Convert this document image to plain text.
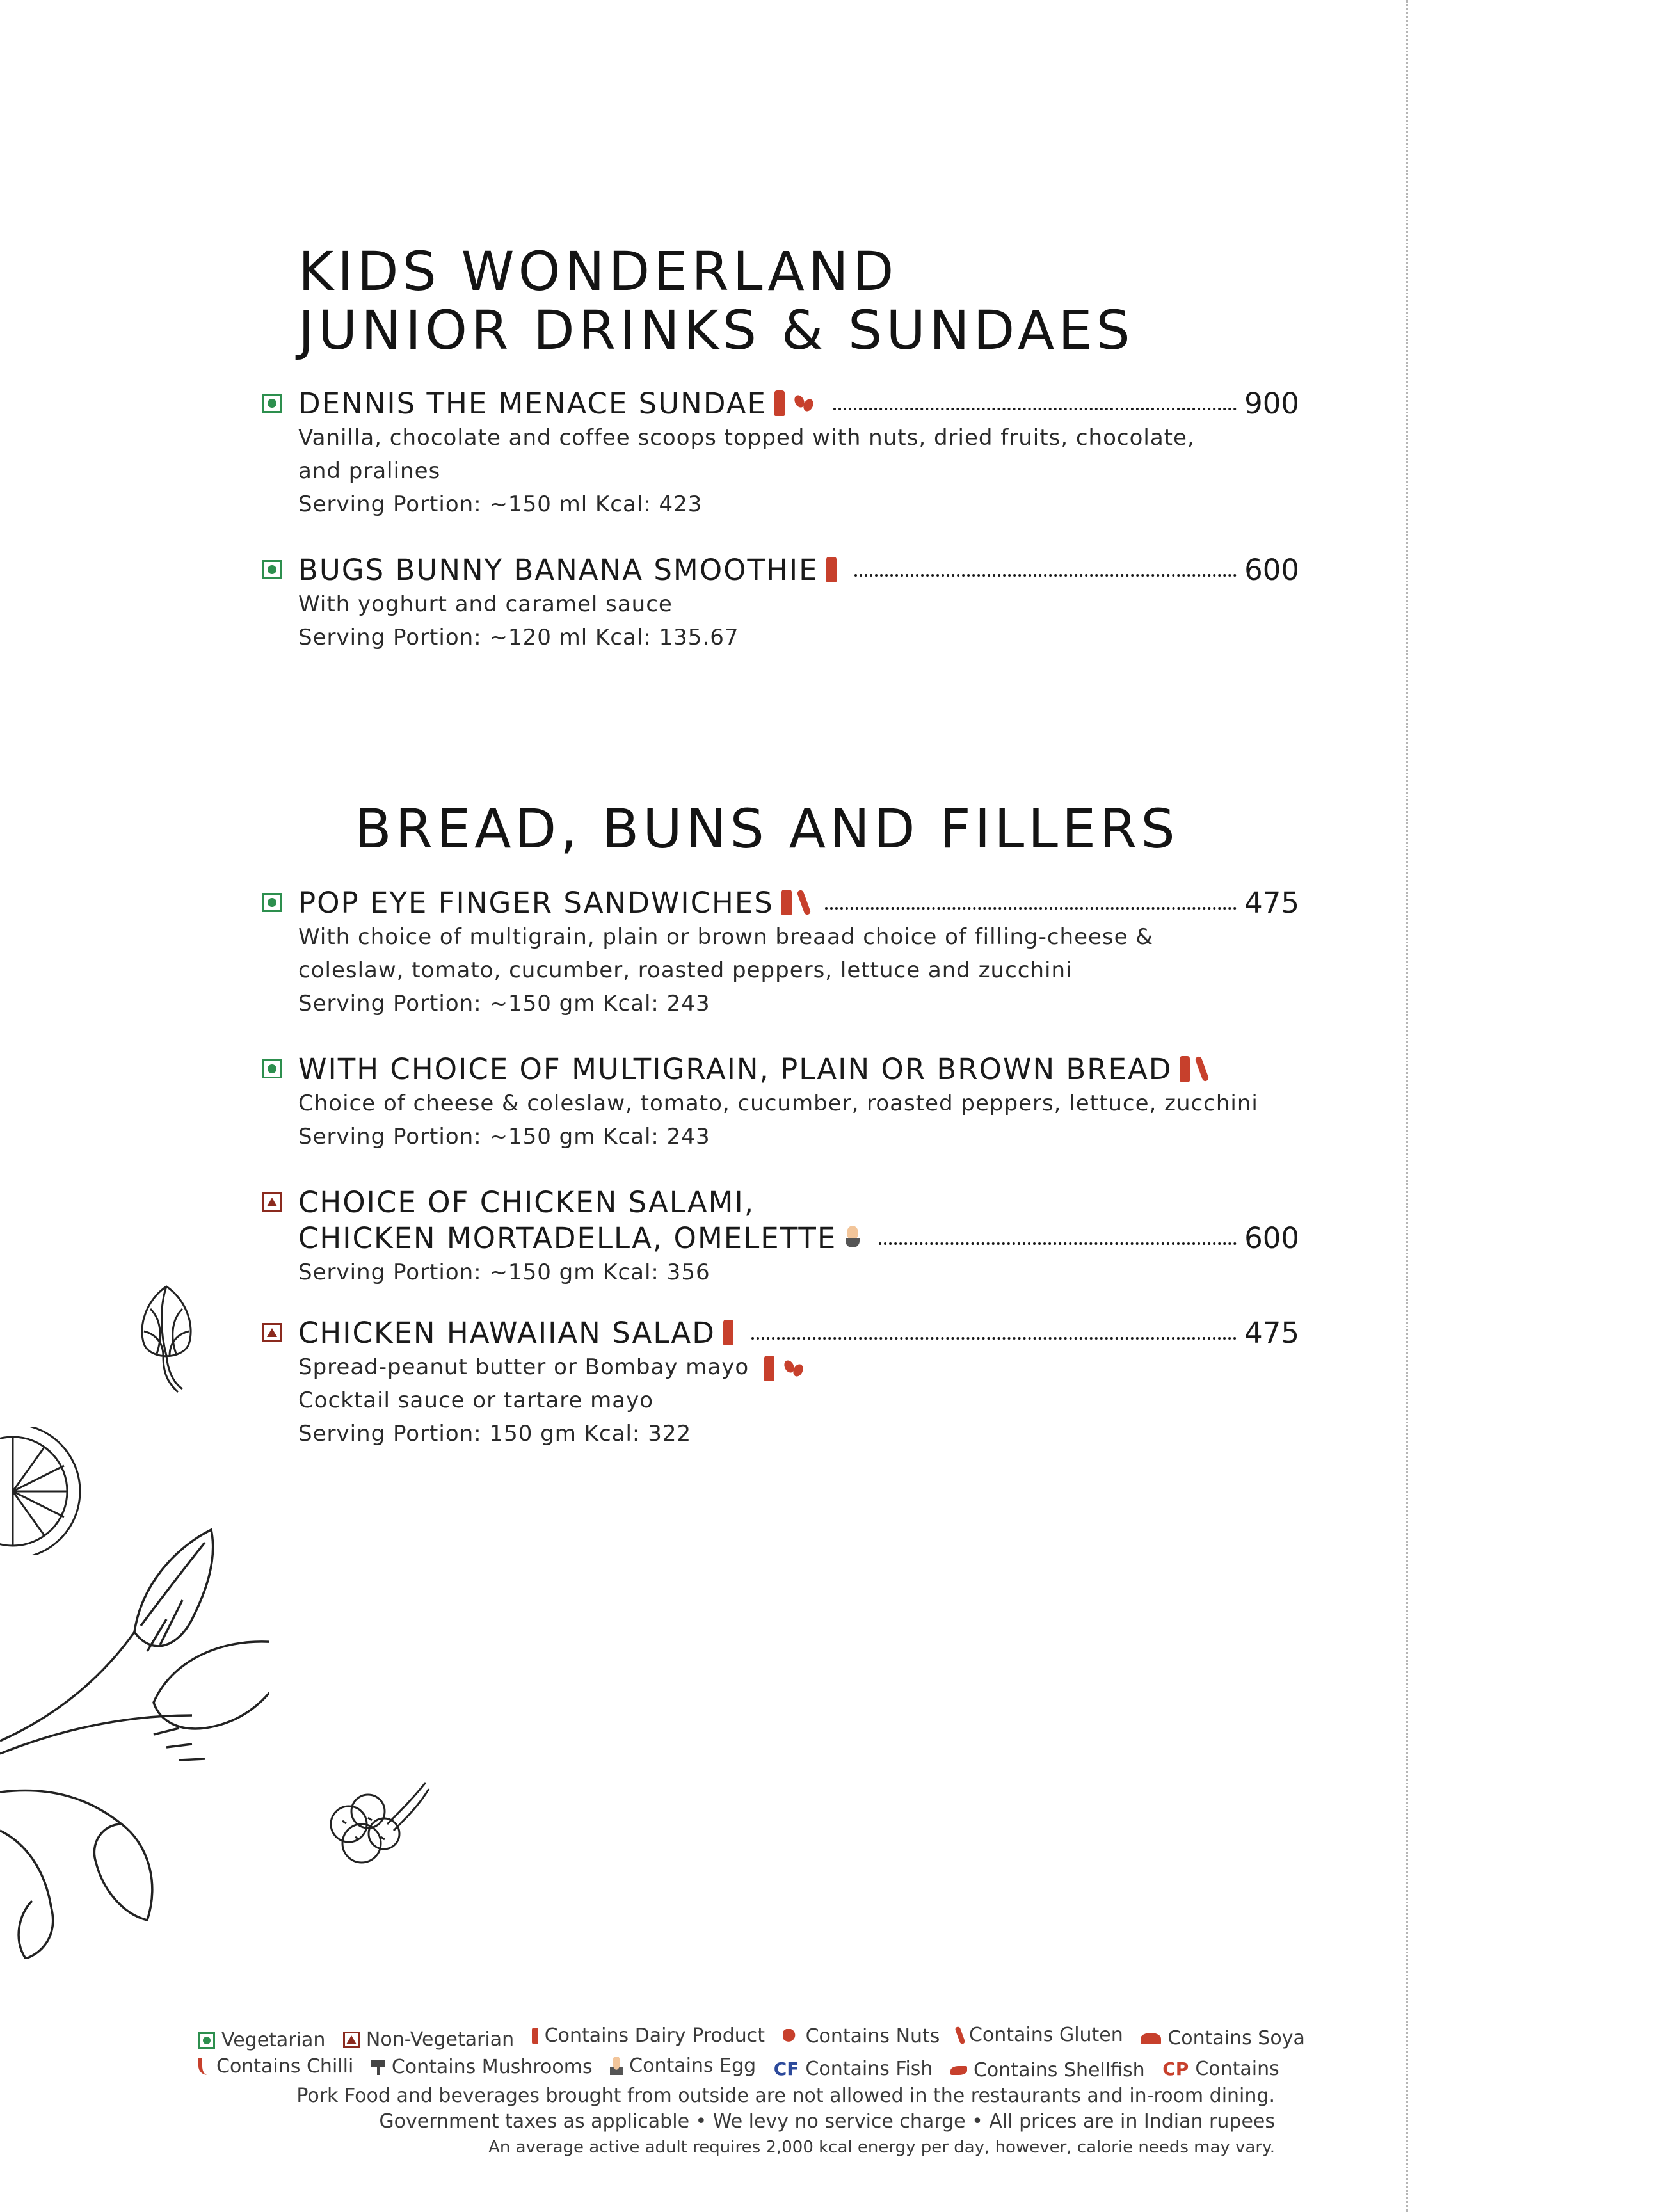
KIDS WONDERLAND
JUNIOR DRINKS & SUNDAES
DENNIS THE MENACE SUNDAE	900
Vanilla, chocolate and coffee scoops topped with nuts, dried fruits, chocolate,
and pralines
Serving Portion: ~150 ml Kcal: 423
BUGS BUNNY BANANA SMOOTHIE	600
With yoghurt and caramel sauce
Serving Portion: ~120 ml Kcal: 135.67
BREAD, BUNS AND FILLERS
POP EYE FINGER SANDWICHES	475
With choice of multigrain, plain or brown breaad choice of filling-cheese &
coleslaw, tomato, cucumber, roasted peppers, lettuce and zucchini
Serving Portion: ~150 gm Kcal: 243
WITH CHOICE OF MULTIGRAIN, PLAIN OR BROWN BREAD
Choice of cheese & coleslaw, tomato, cucumber, roasted peppers, lettuce, zucchini
Serving Portion: ~150 gm Kcal: 243
CHOICE OF CHICKEN SALAMI,
CHICKEN MORTADELLA, OMELETTE	600
Serving Portion: ~150 gm Kcal: 356
CHICKEN HAWAIIAN SALAD	475
Spread-peanut butter or Bombay mayo
Cocktail sauce or tartare mayo
Serving Portion: 150 gm Kcal: 322
Vegetarian
Non-Vegetarian
Contains Dairy Product
Contains Nuts
Contains Gluten
Contains Soya
Contains Chilli
Contains Mushrooms
Contains Egg
CF Contains Fish
Contains Shellfish
CP Contains
Pork Food and beverages brought from outside are not allowed in the restaurants and in-room dining.
Government taxes as applicable • We levy no service charge • All prices are in Indian rupees
An average active adult requires 2,000 kcal energy per day, however, calorie needs may vary.
